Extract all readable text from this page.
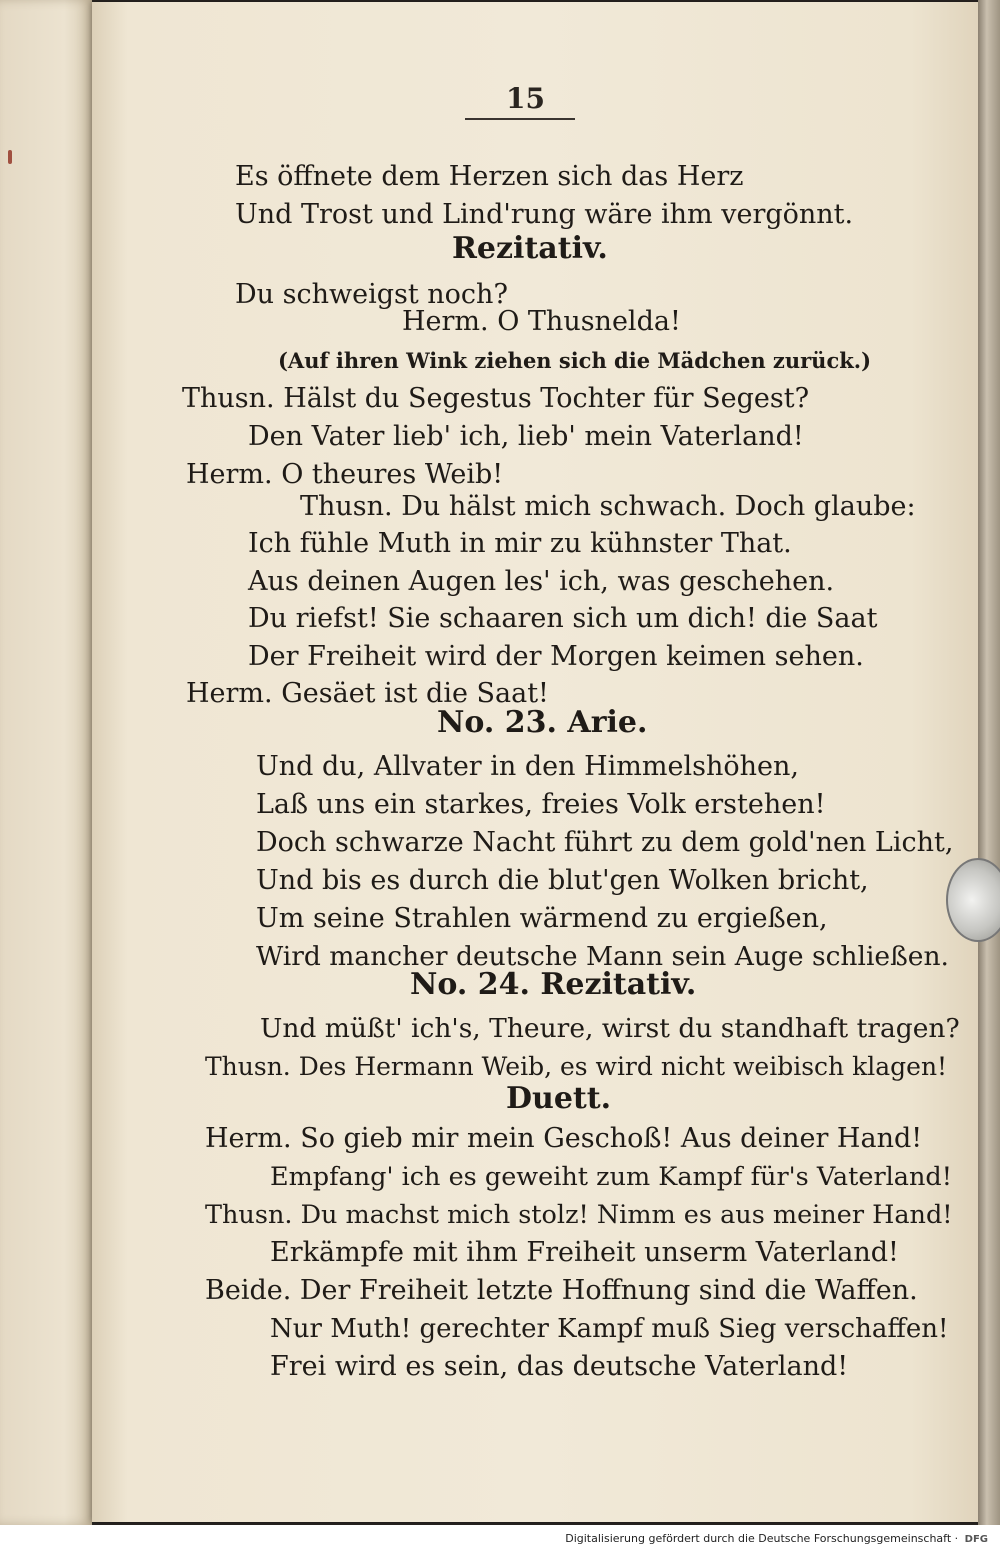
15
Es öffnete dem Herzen sich das Herz
Und Trost und Lind'rung wäre ihm vergönnt.
Rezitativ.
Du schweigst noch?
Herm. O Thusnelda!
(Auf ihren Wink ziehen sich die Mädchen zurück.)
Thusn. Hälst du Segestus Tochter für Segest?
Den Vater lieb' ich, lieb' mein Vaterland!
Herm. O theures Weib!
Thusn. Du hälst mich schwach. Doch glaube:
Ich fühle Muth in mir zu kühnster That.
Aus deinen Augen les' ich, was geschehen.
Du riefst! Sie schaaren sich um dich! die Saat
Der Freiheit wird der Morgen keimen sehen.
Herm. Gesäet ist die Saat!
No. 23. Arie.
Und du, Allvater in den Himmelshöhen,
Laß uns ein starkes, freies Volk erstehen!
Doch schwarze Nacht führt zu dem gold'nen Licht,
Und bis es durch die blut'gen Wolken bricht,
Um seine Strahlen wärmend zu ergießen,
Wird mancher deutsche Mann sein Auge schließen.
No. 24. Rezitativ.
Und müßt' ich's, Theure, wirst du standhaft tragen?
Thusn. Des Hermann Weib, es wird nicht weibisch klagen!
Duett.
Herm. So gieb mir mein Geschoß! Aus deiner Hand!
Empfang' ich es geweiht zum Kampf für's Vaterland!
Thusn. Du machst mich stolz! Nimm es aus meiner Hand!
Erkämpfe mit ihm Freiheit unserm Vaterland!
Beide. Der Freiheit letzte Hoffnung sind die Waffen.
Nur Muth! gerechter Kampf muß Sieg verschaffen!
Frei wird es sein, das deutsche Vaterland!
Digitalisierung gefördert durch die Deutsche Forschungsgemeinschaft · DFG
